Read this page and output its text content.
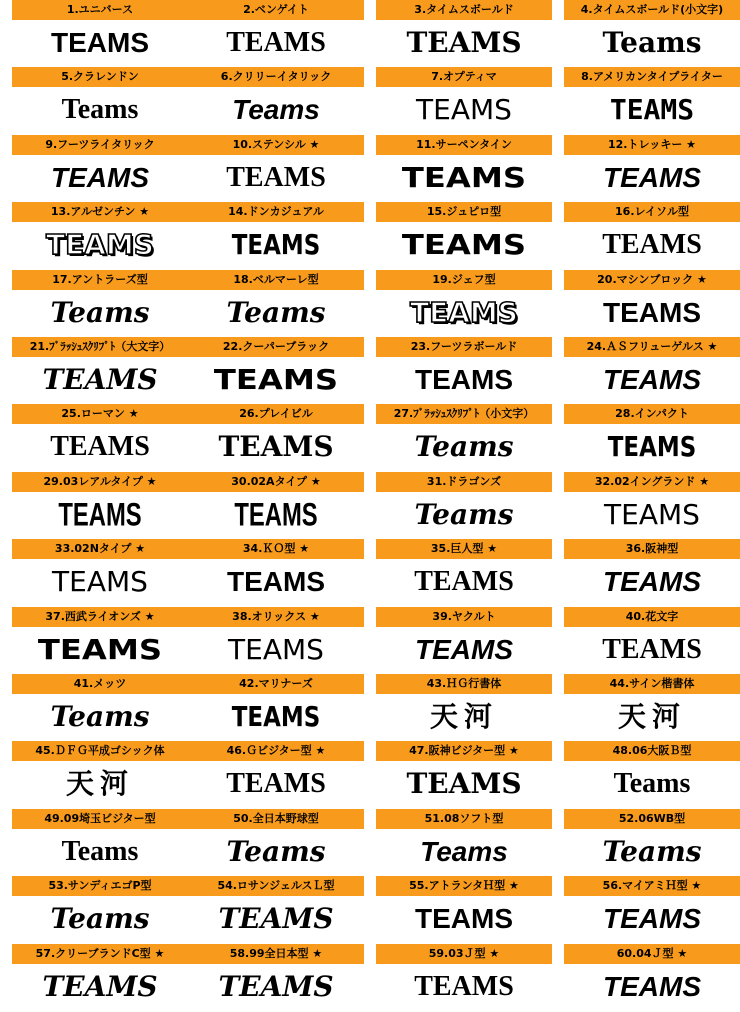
1.ユニバース
TEAMS
2.ベンゲイト
TEAMS
3.タイムスボールド
TEAMS
4.タイムスボールド(小文字)
Teams
5.クラレンドン
Teams
6.クリリーイタリック
Teams
7.オプティマ
TEAMS
8.アメリカンタイプライター
TEAMS
9.フーツライタリック
TEAMS
10.ステンシル ★
TEAMS
11.サーペンタイン
TEAMS
12.トレッキー ★
TEAMS
13.アルゼンチン ★
TEAMS
14.ドンカジュアル
TEAMS
15.ジュピロ型
TEAMS
16.レイソル型
TEAMS
17.アントラーズ型
Teams
18.ベルマーレ型
Teams
19.ジェフ型
TEAMS
20.マシンブロック ★
TEAMS
21.ﾌﾞﾗｯｼｭｽｸﾘﾌﾟﾄ（大文字）
TEAMS
22.クーパーブラック
TEAMS
23.フーツラボールド
TEAMS
24.ＡＳフリューゲルス ★
TEAMS
25.ローマン ★
TEAMS
26.プレイビル
TEAMS
27.ﾌﾞﾗｯｼｭｽｸﾘﾌﾟﾄ（小文字）
Teams
28.インパクト
TEAMS
29.03レアルタイプ ★
TEAMS
30.02Aタイプ ★
TEAMS
31.ドラゴンズ
Teams
32.02イングランド ★
TEAMS
33.02Nタイプ ★
TEAMS
34.ＫＯ型 ★
TEAMS
35.巨人型 ★
TEAMS
36.阪神型
TEAMS
37.西武ライオンズ ★
TEAMS
38.オリックス ★
TEAMS
39.ヤクルト
TEAMS
40.花文字
TEAMS
41.メッツ
Teams
42.マリナーズ
TEAMS
43.ＨＧ行書体
天河
44.サイン楷書体
天河
45.ＤＦＧ平成ゴシック体
天河
46.Ｇビジター型 ★
TEAMS
47.阪神ビジター型 ★
TEAMS
48.06大阪Ｂ型
Teams
49.09埼玉ビジター型
Teams
50.全日本野球型
Teams
51.08ソフト型
Teams
52.06WB型
Teams
53.サンディエゴP型
Teams
54.ロサンジェルスＬ型
TEAMS
55.アトランタＨ型 ★
TEAMS
56.マイアミＨ型 ★
TEAMS
57.クリーブランドC型 ★
TEAMS
58.99全日本型 ★
TEAMS
59.03Ｊ型 ★
TEAMS
60.04Ｊ型 ★
TEAMS
